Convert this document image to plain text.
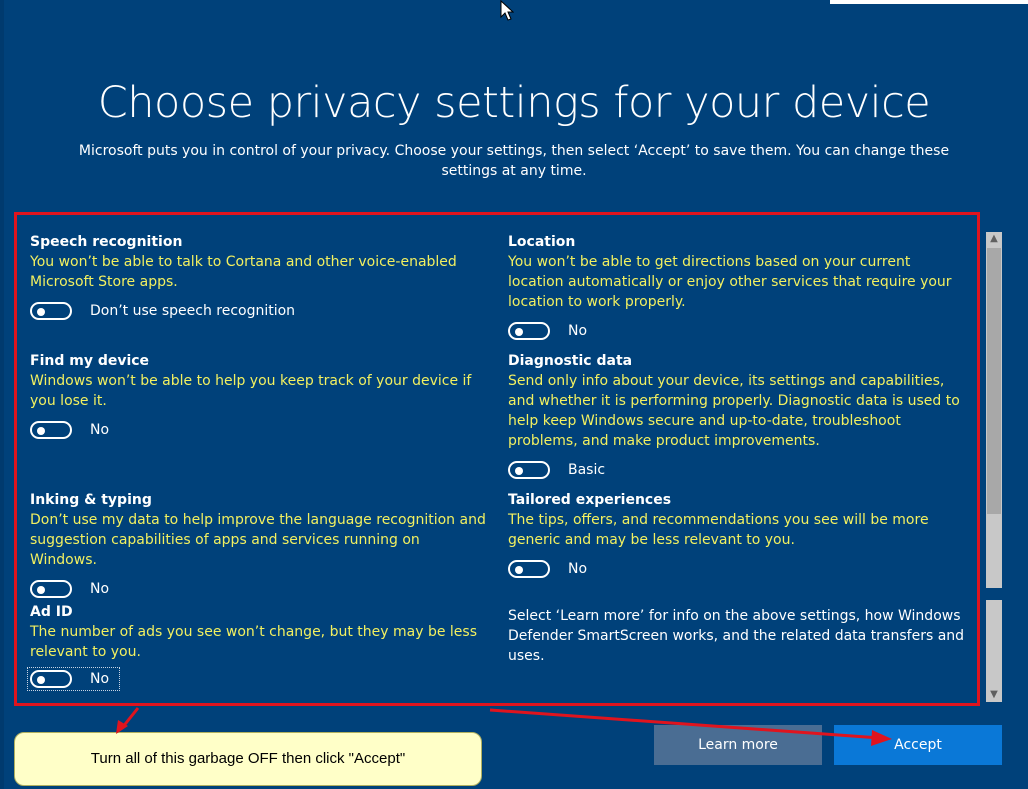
Choose privacy settings for your device
Microsoft puts you in control of your privacy. Choose your settings, then select ‘Accept’ to save them. You can change these settings at any time.
Speech recognition
You won’t be able to talk to Cortana and other voice-enabled Microsoft Store apps.
Don’t use speech recognition
Find my device
Windows won’t be able to help you keep track of your device if you lose it.
No
Inking & typing
Don’t use my data to help improve the language recognition and suggestion capabilities of apps and services running on Windows.
No
Ad ID
The number of ads you see won’t change, but they may be less relevant to you.
No
Location
You won’t be able to get directions based on your current location automatically or enjoy other services that require your location to work properly.
No
Diagnostic data
Send only info about your device, its settings and capabilities, and whether it is performing properly. Diagnostic data is used to help keep Windows secure and up-to-date, troubleshoot problems, and make product improvements.
Basic
Tailored experiences
The tips, offers, and recommendations you see will be more generic and may be less relevant to you.
No
Select ‘Learn more’ for info on the above settings, how Windows Defender SmartScreen works, and the related data transfers and uses.
▲
▼
Learn more	Accept
Turn all of this garbage OFF then click "Accept"
